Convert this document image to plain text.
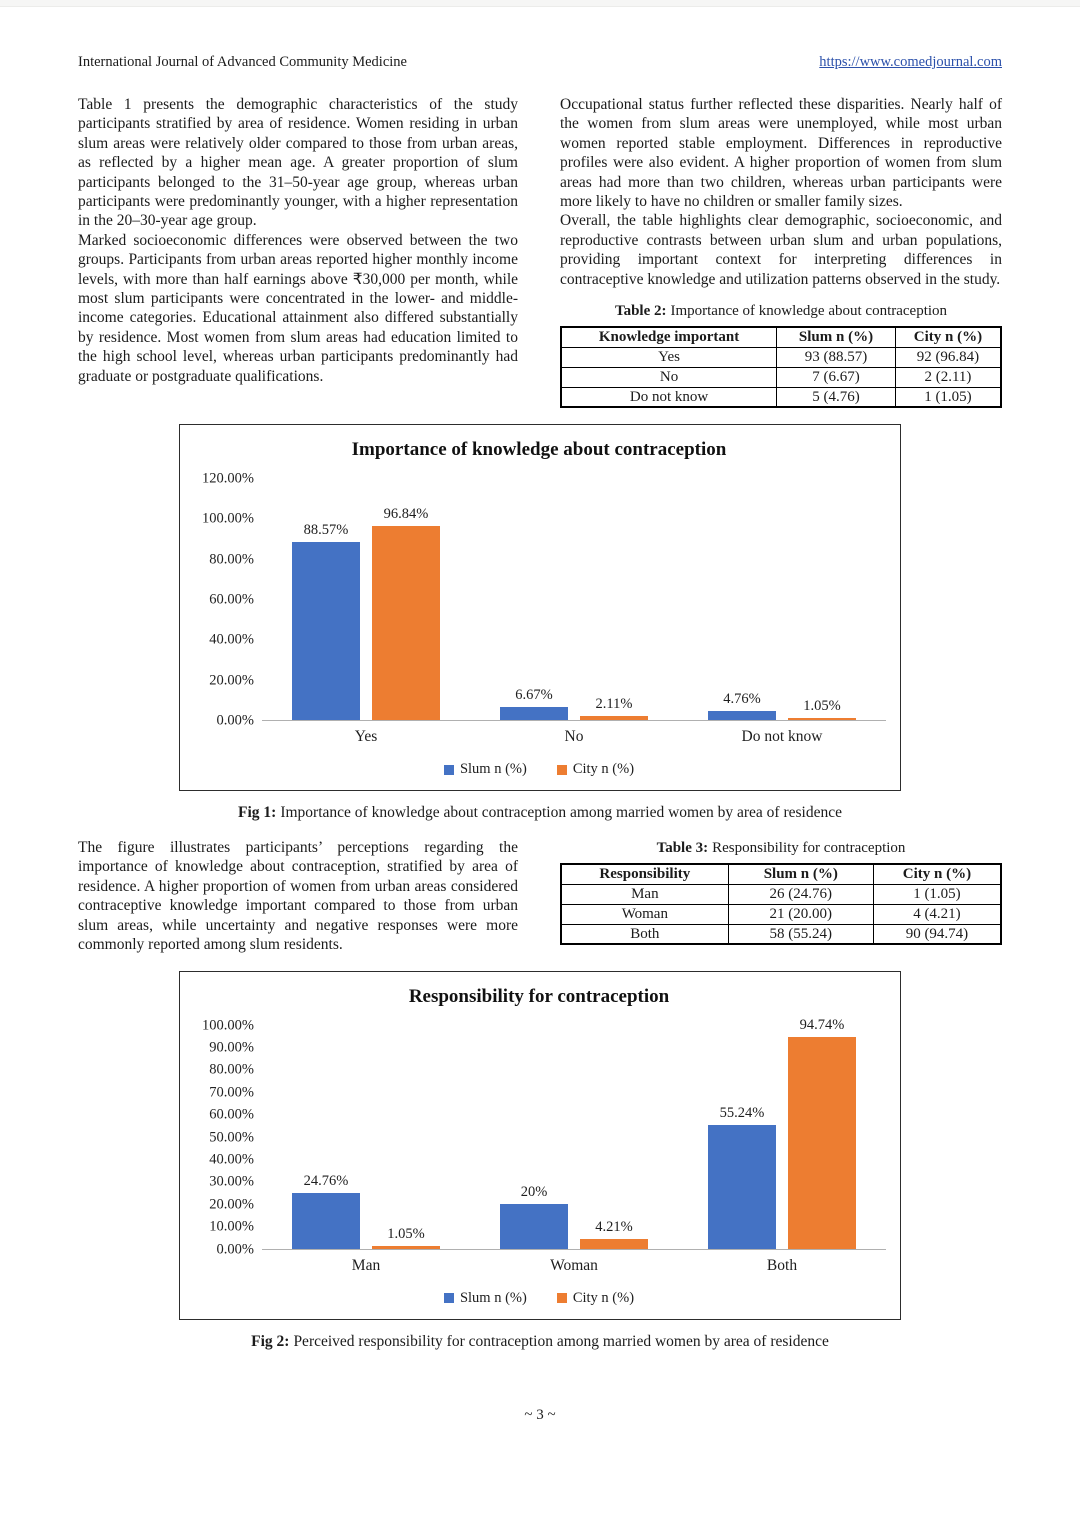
International Journal of Advanced Community Medicine	https://www.comedjournal.com

Table 1 presents the demographic characteristics of the study participants stratified by area of residence. Women residing in urban slum areas were relatively older compared to those from urban areas, as reflected by a higher mean age. A greater proportion of slum participants belonged to the 31–50-year age group, whereas urban participants were predominantly younger, with a higher representation in the 20–30-year age group.

Marked socioeconomic differences were observed between the two groups. Participants from urban areas reported higher monthly income levels, with more than half earnings above ₹30,000 per month, while most slum participants were concentrated in the lower- and middle-income categories. Educational attainment also differed substantially by residence. Most women from slum areas had education limited to the high school level, whereas urban participants predominantly had graduate or postgraduate qualifications.

Occupational status further reflected these disparities. Nearly half of the women from slum areas were unemployed, while most urban women reported stable employment. Differences in reproductive profiles were also evident. A higher proportion of women from slum areas had more than two children, whereas urban participants were more likely to have no children or smaller family sizes.

Overall, the table highlights clear demographic, socioeconomic, and reproductive contrasts between urban slum and urban populations, providing important context for interpreting differences in contraceptive knowledge and utilization patterns observed in the study.

Table 2: Importance of knowledge about contraception
Knowledge important	Slum n (%)	City n (%)
Yes	93 (88.57)	92 (96.84)
No	7 (6.67)	2 (2.11)
Do not know	5 (4.76)	1 (1.05)
Importance of knowledge about contraception
0.00%
20.00%
40.00%
60.00%
80.00%
100.00%
120.00%
88.57%
96.84%
6.67%
2.11%	4.76%	1.05%
Yes	No	Do not know
Slum n (%)	City n (%)
Fig 1: Importance of knowledge about contraception among married women by area of residence

The figure illustrates participants’ perceptions regarding the importance of knowledge about contraception, stratified by area of residence. A higher proportion of women from urban areas considered contraceptive knowledge important compared to those from urban slum areas, while uncertainty and negative responses were more commonly reported among slum residents.

Table 3: Responsibility for contraception
Responsibility	Slum n (%)	City n (%)
Man	26 (24.76)	1 (1.05)
Woman	21 (20.00)	4 (4.21)
Both	58 (55.24)	90 (94.74)
Responsibility for contraception
0.00%
10.00%
20.00%
30.00%
40.00%
50.00%
60.00%
70.00%
80.00%
90.00%
100.00%
24.76%
1.05%
20%
4.21%
55.24%
94.74%
Man	Woman	Both
Slum n (%)	City n (%)
Fig 2: Perceived responsibility for contraception among married women by area of residence
~ 3 ~
